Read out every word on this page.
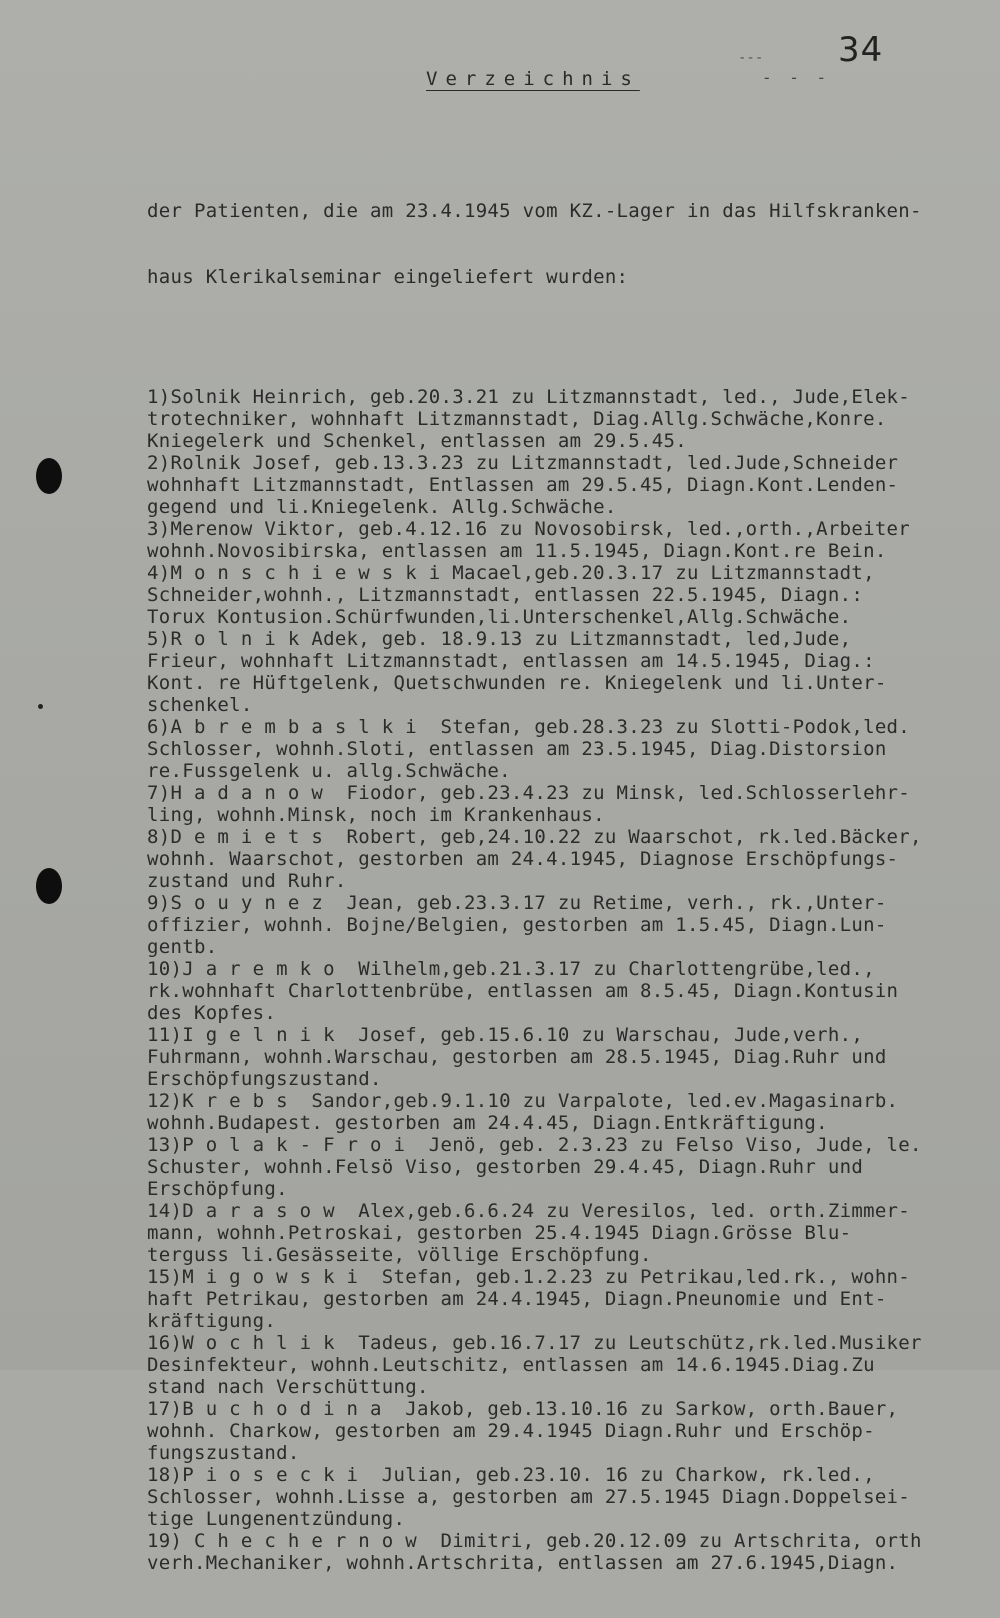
34
---
Verzeichnis	- - -

der Patienten, die am 23.4.1945 vom KZ.-Lager in das Hilfskranken-

haus Klerikalseminar eingeliefert wurden:

1)Solnik Heinrich, geb.20.3.21 zu Litzmannstadt, led., Jude,Elek-
trotechniker, wohnhaft Litzmannstadt, Diag.Allg.Schwäche,Konre.
Kniegelerk und Schenkel, entlassen am 29.5.45.
2)Rolnik Josef, geb.13.3.23 zu Litzmannstadt, led.Jude,Schneider
wohnhaft Litzmannstadt, Entlassen am 29.5.45, Diagn.Kont.Lenden-
gegend und li.Kniegelenk. Allg.Schwäche.
3)Merenow Viktor, geb.4.12.16 zu Novosobirsk, led.,orth.,Arbeiter
wohnh.Novosibirska, entlassen am 11.5.1945, Diagn.Kont.re Bein.
4)M o n s c h i e w s k i Macael,geb.20.3.17 zu Litzmannstadt,
Schneider,wohnh., Litzmannstadt, entlassen 22.5.1945, Diagn.:
Torux Kontusion.Schürfwunden,li.Unterschenkel,Allg.Schwäche.
5)R o l n i k Adek, geb. 18.9.13 zu Litzmannstadt, led,Jude,
Frieur, wohnhaft Litzmannstadt, entlassen am 14.5.1945, Diag.:
Kont. re Hüftgelenk, Quetschwunden re. Kniegelenk und li.Unter-
schenkel.
6)A b r e m b a s l k i  Stefan, geb.28.3.23 zu Slotti-Podok,led.
Schlosser, wohnh.Sloti, entlassen am 23.5.1945, Diag.Distorsion
re.Fussgelenk u. allg.Schwäche.
7)H a d a n o w  Fiodor, geb.23.4.23 zu Minsk, led.Schlosserlehr-
ling, wohnh.Minsk, noch im Krankenhaus.
8)D e m i e t s  Robert, geb,24.10.22 zu Waarschot, rk.led.Bäcker,
wohnh. Waarschot, gestorben am 24.4.1945, Diagnose Erschöpfungs-
zustand und Ruhr.
9)S o u y n e z  Jean, geb.23.3.17 zu Retime, verh., rk.,Unter-
offizier, wohnh. Bojne/Belgien, gestorben am 1.5.45, Diagn.Lun-
gentb.
10)J a r e m k o  Wilhelm,geb.21.3.17 zu Charlottengrübe,led.,
rk.wohnhaft Charlottenbrübe, entlassen am 8.5.45, Diagn.Kontusin
des Kopfes.
11)I g e l n i k  Josef, geb.15.6.10 zu Warschau, Jude,verh.,
Fuhrmann, wohnh.Warschau, gestorben am 28.5.1945, Diag.Ruhr und
Erschöpfungszustand.
12)K r e b s  Sandor,geb.9.1.10 zu Varpalote, led.ev.Magasinarb.
wohnh.Budapest. gestorben am 24.4.45, Diagn.Entkräftigung.
13)P o l a k - F r o i  Jenö, geb. 2.3.23 zu Felso Viso, Jude, le.
Schuster, wohnh.Felsö Viso, gestorben 29.4.45, Diagn.Ruhr und
Erschöpfung.
14)D a r a s o w  Alex,geb.6.6.24 zu Veresilos, led. orth.Zimmer-
mann, wohnh.Petroskai, gestorben 25.4.1945 Diagn.Grösse Blu-
terguss li.Gesässeite, völlige Erschöpfung.
15)M i g o w s k i  Stefan, geb.1.2.23 zu Petrikau,led.rk., wohn-
haft Petrikau, gestorben am 24.4.1945, Diagn.Pneunomie und Ent-
kräftigung.
16)W o c h l i k  Tadeus, geb.16.7.17 zu Leutschütz,rk.led.Musiker
Desinfekteur, wohnh.Leutschitz, entlassen am 14.6.1945.Diag.Zu
stand nach Verschüttung.
17)B u c h o d i n a  Jakob, geb.13.10.16 zu Sarkow, orth.Bauer,
wohnh. Charkow, gestorben am 29.4.1945 Diagn.Ruhr und Erschöp-
fungszustand.
18)P i o s e c k i  Julian, geb.23.10. 16 zu Charkow, rk.led.,
Schlosser, wohnh.Lisse a, gestorben am 27.5.1945 Diagn.Doppelsei-
tige Lungenentzündung.
19) C h e c h e r n o w  Dimitri, geb.20.12.09 zu Artschrita, orth
verh.Mechaniker, wohnh.Artschrita, entlassen am 27.6.1945,Diagn.
